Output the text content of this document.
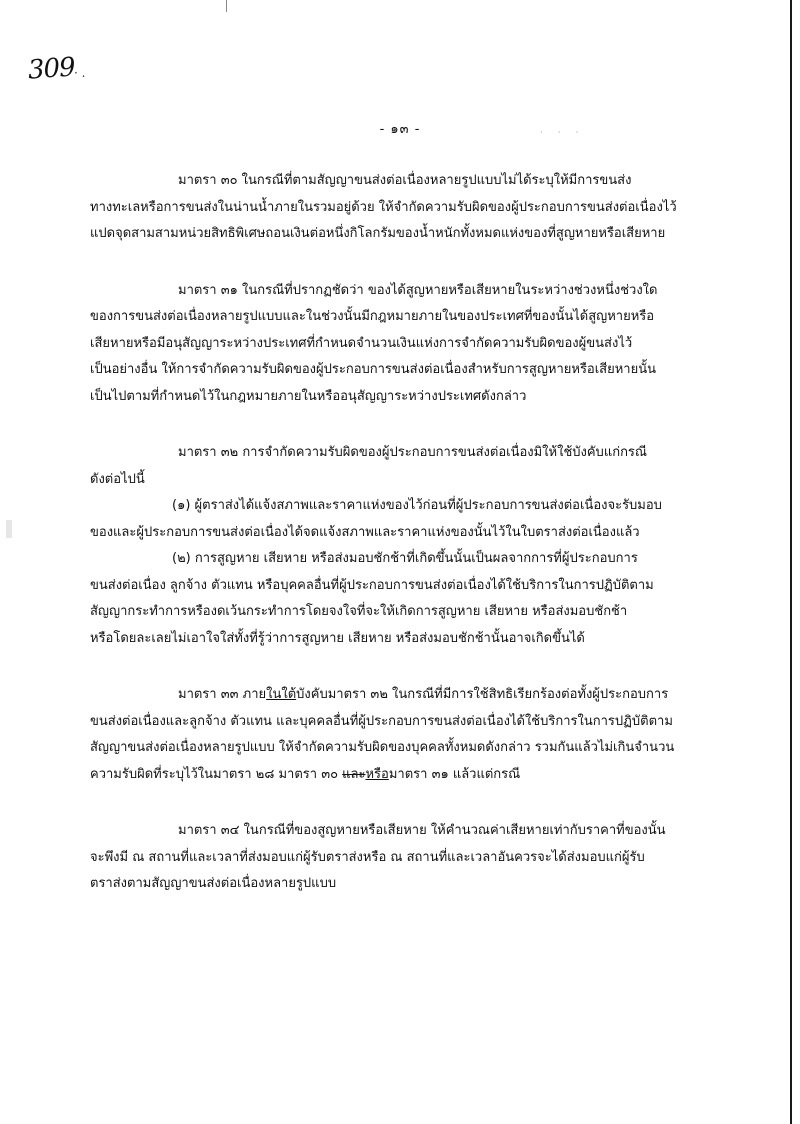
309
· .
- ๑๓ -	· · ·

มาตรา ๓๐ ในกรณีที่ตามสัญญาขนส่งต่อเนื่องหลายรูปแบบไม่ได้ระบุให้มีการขนส่ง

ทางทะเลหรือการขนส่งในน่านน้ำภายในรวมอยู่ด้วย ให้จำกัดความรับผิดของผู้ประกอบการขนส่งต่อเนื่องไว้

แปดจุดสามสามหน่วยสิทธิพิเศษถอนเงินต่อหนึ่งกิโลกรัมของน้ำหนักทั้งหมดแห่งของที่สูญหายหรือเสียหาย

มาตรา ๓๑ ในกรณีที่ปรากฏชัดว่า ของได้สูญหายหรือเสียหายในระหว่างช่วงหนึ่งช่วงใด

ของการขนส่งต่อเนื่องหลายรูปแบบและในช่วงนั้นมีกฎหมายภายในของประเทศที่ของนั้นได้สูญหายหรือ

เสียหายหรือมีอนุสัญญาระหว่างประเทศที่กำหนดจำนวนเงินแห่งการจำกัดความรับผิดของผู้ขนส่งไว้

เป็นอย่างอื่น ให้การจำกัดความรับผิดของผู้ประกอบการขนส่งต่อเนื่องสำหรับการสูญหายหรือเสียหายนั้น

เป็นไปตามที่กำหนดไว้ในกฎหมายภายในหรืออนุสัญญาระหว่างประเทศดังกล่าว

มาตรา ๓๒ การจำกัดความรับผิดของผู้ประกอบการขนส่งต่อเนื่องมิให้ใช้บังคับแก่กรณี

ดังต่อไปนี้

(๑) ผู้ตราส่งได้แจ้งสภาพและราคาแห่งของไว้ก่อนที่ผู้ประกอบการขนส่งต่อเนื่องจะรับมอบ

ของและผู้ประกอบการขนส่งต่อเนื่องได้จดแจ้งสภาพและราคาแห่งของนั้นไว้ในใบตราส่งต่อเนื่องแล้ว

(๒) การสูญหาย เสียหาย หรือส่งมอบชักช้าที่เกิดขึ้นนั้นเป็นผลจากการที่ผู้ประกอบการ

ขนส่งต่อเนื่อง ลูกจ้าง ตัวแทน หรือบุคคลอื่นที่ผู้ประกอบการขนส่งต่อเนื่องได้ใช้บริการในการปฏิบัติตาม

สัญญากระทำการหรืองดเว้นกระทำการโดยจงใจที่จะให้เกิดการสูญหาย เสียหาย หรือส่งมอบชักช้า

หรือโดยละเลยไม่เอาใจใส่ทั้งที่รู้ว่าการสูญหาย เสียหาย หรือส่งมอบชักช้านั้นอาจเกิดขึ้นได้

มาตรา ๓๓ ภายในใต้บังคับมาตรา ๓๒ ในกรณีที่มีการใช้สิทธิเรียกร้องต่อทั้งผู้ประกอบการ

ขนส่งต่อเนื่องและลูกจ้าง ตัวแทน และบุคคลอื่นที่ผู้ประกอบการขนส่งต่อเนื่องได้ใช้บริการในการปฏิบัติตาม

สัญญาขนส่งต่อเนื่องหลายรูปแบบ ให้จำกัดความรับผิดของบุคคลทั้งหมดดังกล่าว รวมกันแล้วไม่เกินจำนวน

ความรับผิดที่ระบุไว้ในมาตรา ๒๘ มาตรา ๓๐ และหรือมาตรา ๓๑ แล้วแต่กรณี

มาตรา ๓๔ ในกรณีที่ของสูญหายหรือเสียหาย ให้คำนวณค่าเสียหายเท่ากับราคาที่ของนั้น

จะพึงมี ณ สถานที่และเวลาที่ส่งมอบแก่ผู้รับตราส่งหรือ ณ สถานที่และเวลาอันควรจะได้ส่งมอบแก่ผู้รับ

ตราส่งตามสัญญาขนส่งต่อเนื่องหลายรูปแบบ
